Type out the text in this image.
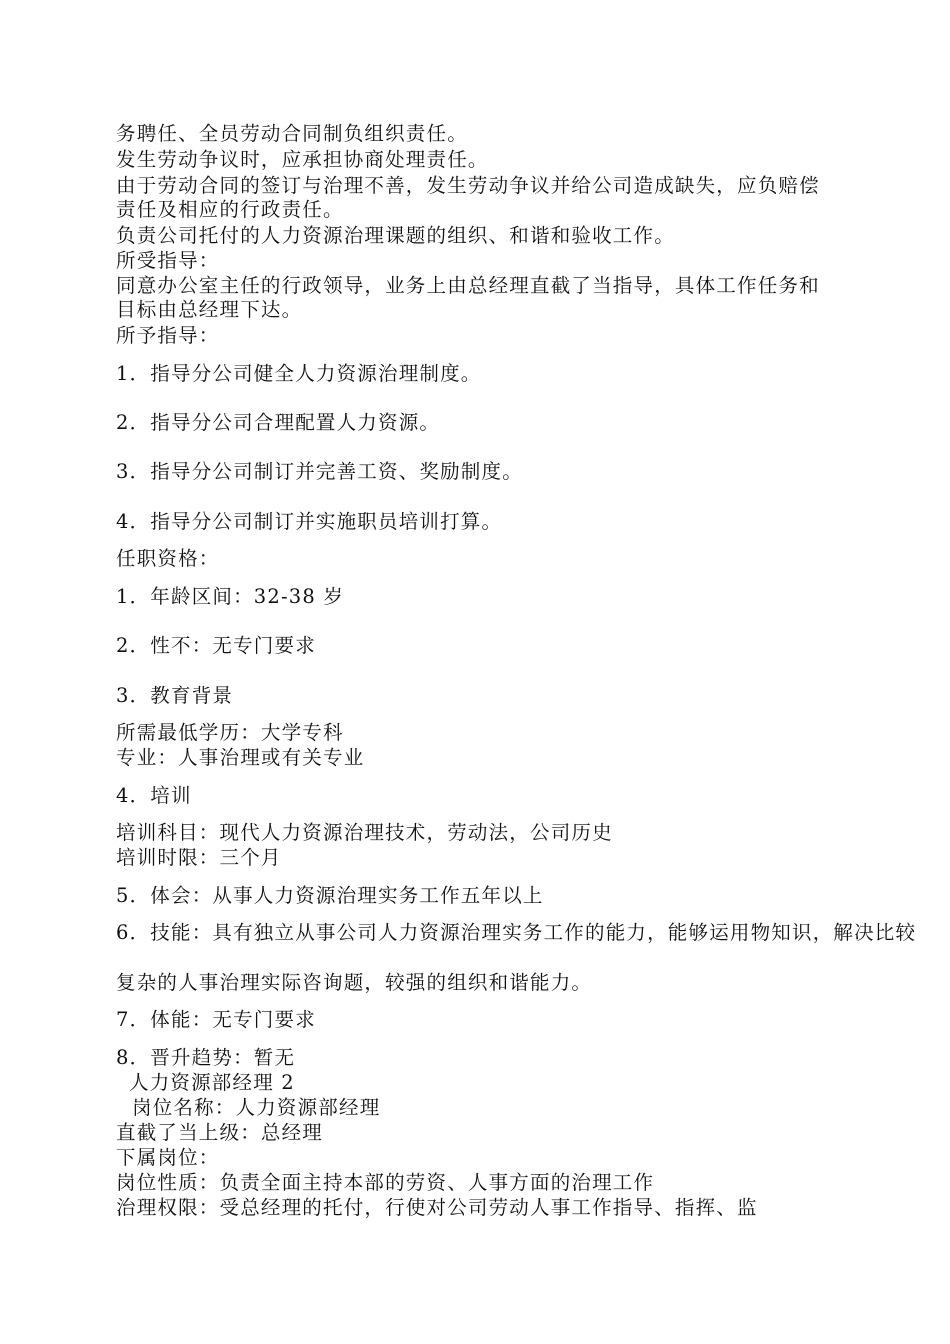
务聘任、全员劳动合同制负组织责任。
发生劳动争议时，应承担协商处理责任。
由于劳动合同的签订与治理不善，发生劳动争议并给公司造成缺失，应负赔偿责任及相应的行政责任。
负责公司托付的人力资源治理课题的组织、和谐和验收工作。
所受指导：
同意办公室主任的行政领导，业务上由总经理直截了当指导，具体工作任务和目标由总经理下达。
所予指导：
1．指导分公司健全人力资源治理制度。
2．指导分公司合理配置人力资源。
3．指导分公司制订并完善工资、奖励制度。
4．指导分公司制订并实施职员培训打算。
任职资格：
1．年龄区间：32-38 岁
2．性不：无专门要求
3．教育背景
所需最低学历：大学专科
专业：人事治理或有关专业
4．培训
培训科目：现代人力资源治理技术，劳动法，公司历史
培训时限：三个月
5．体会：从事人力资源治理实务工作五年以上
6．技能：具有独立从事公司人力资源治理实务工作的能力，能够运用物知识，解决比较
复杂的人事治理实际咨询题，较强的组织和谐能力。
7．体能：无专门要求
8．晋升趋势：暂无
人力资源部经理 2
岗位名称：人力资源部经理
直截了当上级：总经理
下属岗位：
岗位性质：负责全面主持本部的劳资、人事方面的治理工作
治理权限：受总经理的托付，行使对公司劳动人事工作指导、指挥、监
